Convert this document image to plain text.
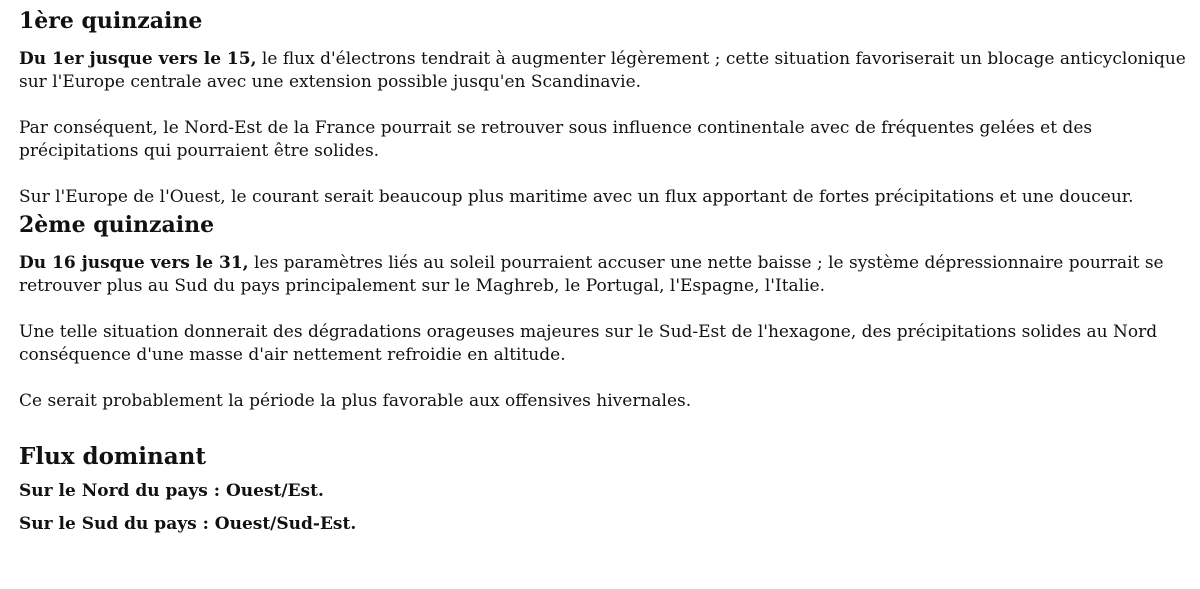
1ère quinzaine

Du 1er jusque vers le 15, le flux d'électrons tendrait à augmenter légèrement ; cette situation favoriserait un blocage anticyclonique sur l'Europe centrale avec une extension possible jusqu'en Scandinavie.

Par conséquent, le Nord-Est de la France pourrait se retrouver sous influence continentale avec de fréquentes gelées et des précipitations qui pourraient être solides.

Sur l'Europe de l'Ouest, le courant serait beaucoup plus maritime avec un flux apportant de fortes précipitations et une douceur.

2ème quinzaine

Du 16 jusque vers le 31, les paramètres liés au soleil pourraient accuser une nette baisse ; le système dépressionnaire pourrait se retrouver plus au Sud du pays principalement sur le Maghreb, le Portugal, l'Espagne, l'Italie.

Une telle situation donnerait des dégradations orageuses majeures sur le Sud-Est de l'hexagone, des précipitations solides au Nord conséquence d'une masse d'air nettement refroidie en altitude.

Ce serait probablement la période la plus favorable aux offensives hivernales.

Flux dominant

Sur le Nord du pays : Ouest/Est.

Sur le Sud du pays : Ouest/Sud-Est.
